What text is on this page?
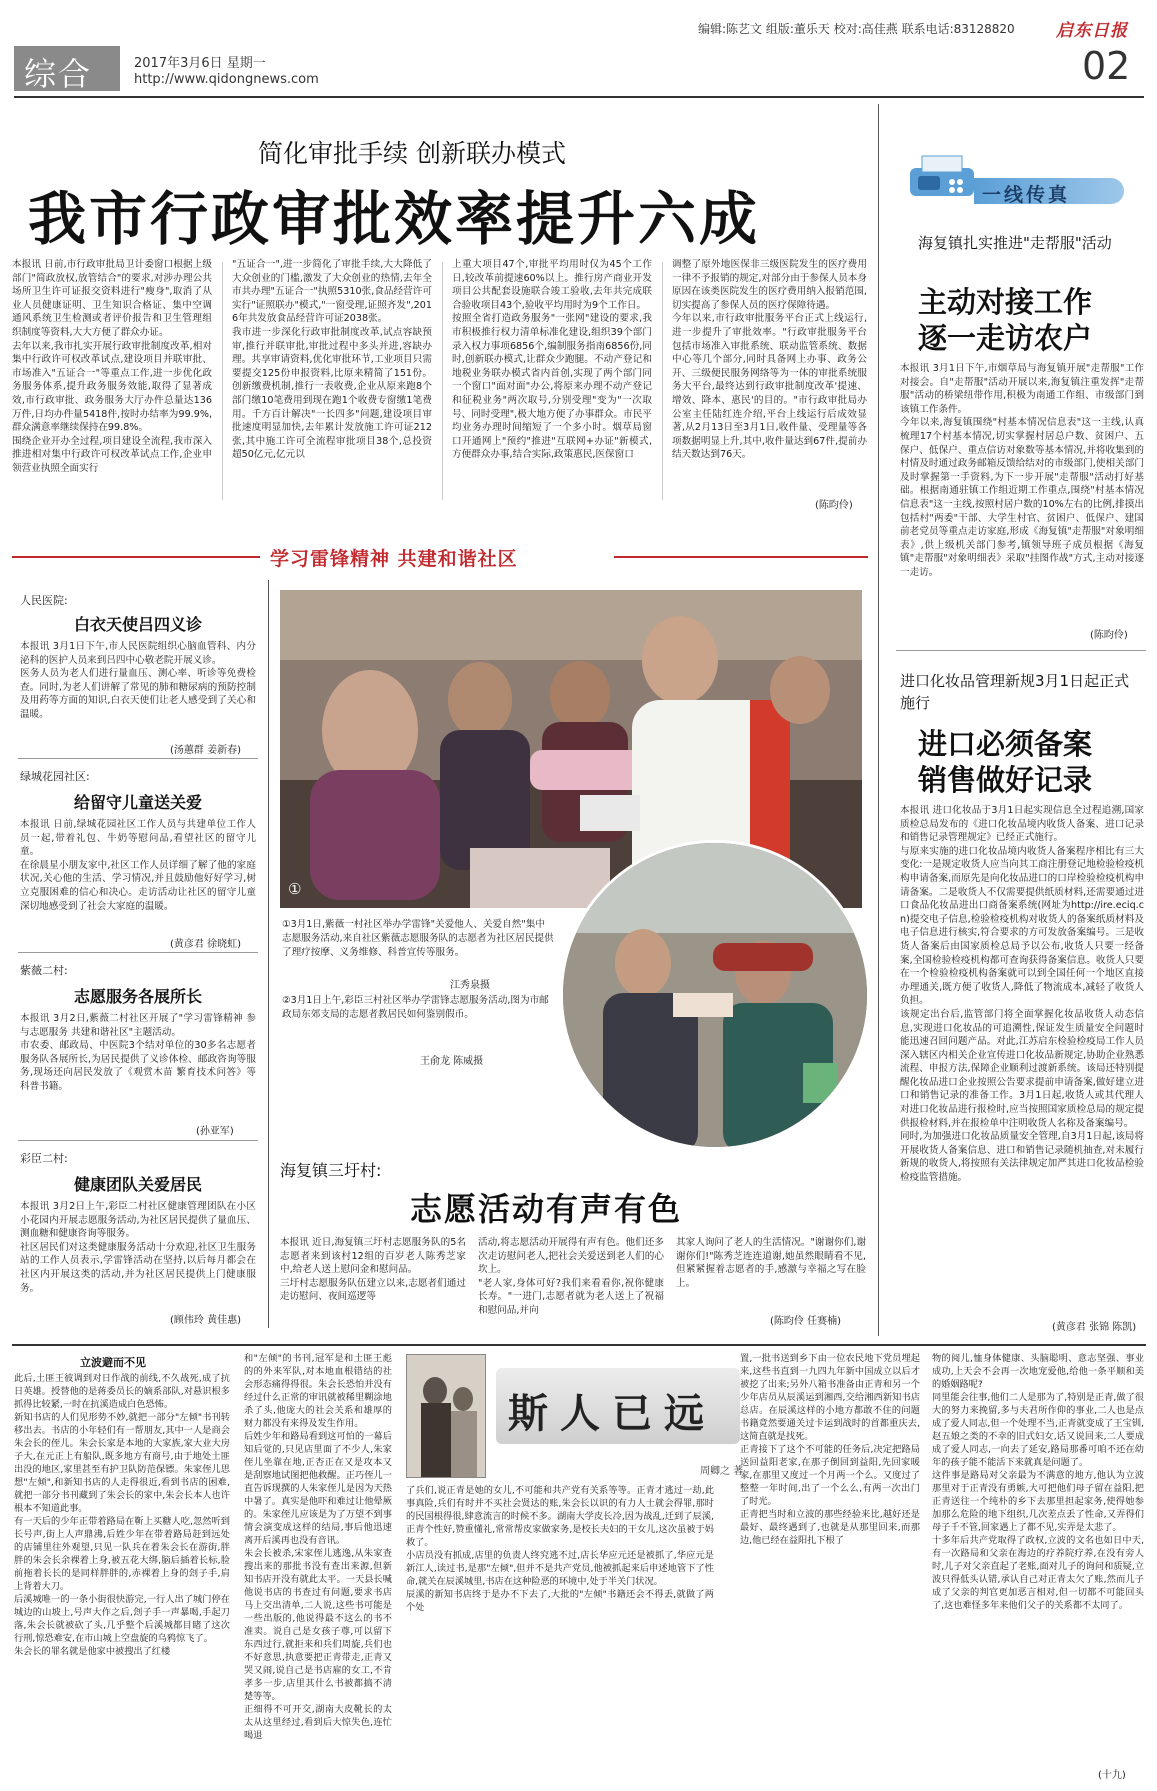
编辑:陈艺文 组版:董乐天 校对:高佳燕 联系电话:83128820 启东日报
综合	2017年3月6日 星期一
http://www.qidongnews.com	02
简化审批手续 创新联办模式
我市行政审批效率提升六成
本报讯 日前,市行政审批局卫计委窗口根据上级部门"简政放权,放管结合"的要求,对涉办理公共场所卫生许可证报交资料进行"瘦身",取消了从业人员健康证明、卫生知识合格证、集中空调通风系统卫生检测或者评价报告和卫生管理组织制度等资料,大大方便了群众办证。
去年以来,我市扎实开展行政审批制度改革,相对集中行政许可权改革试点,建设项目并联审批、市场准入"五证合一"等重点工作,进一步优化政务服务体系,提升政务服务效能,取得了显著成效,市行政审批、政务服务大厅办件总量达136万件,日均办件量5418件,按时办结率为99.9%,群众满意率继续保持在99.8%。
围绕企业开办全过程,项目建设全流程,我市深入推进相对集中行政许可权改革试点工作,企业申领营业执照全面实行
"五证合一",进一步简化了审批手续,大大降低了大众创业的门槛,激发了大众创业的热情,去年全市共办理"五证合一"执照5310张,食品经营许可实行"证照联办"模式,"一窗受理,证照齐发",2016年共发放食品经营许可证2038张。
我市进一步深化行政审批制度改革,试点容缺预审,推行并联审批,审批过程中多头并进,容缺办理。共享审请资料,优化审批环节,工业项目只需要提交125份申报资料,比原来精简了151份。创新缴费机制,推行一表收费,企业从原来跑8个部门缴10笔费用到现在跑1个收费专窗缴1笔费用。千方百计解决"一长四多"问题,建设项目审批速度明显加快,去年累计发放施工许可证212张,其中施工许可全流程审批项目38个,总投资超50亿元,亿元以
上重大项目47个,审批平均用时仅为45个工作日,较改革前提速60%以上。推行房产商业开发项目公共配套设施联合竣工验收,去年共完成联合验收项目43个,验收平均用时为9个工作日。
按照全省打造政务服务"一张网"建设的要求,我市积极推行权力清单标准化建设,组织39个部门录入权力事项6856个,编制服务指南6856份,同时,创新联办模式,让群众少跑腿。不动产登记和地税业务联办模式省内首创,实现了两个部门同一个窗口"面对面"办公,将原来办理不动产登记和征税业务"两次取号,分别受理"变为"一次取号、同时受理",极大地方便了办事群众。市民平均业务办理时间缩短了一个多小时。烟草局窗口开通网上"预约"推进"互联网+办证"新模式,方便群众办事,结合实际,政策惠民,医保窗口
调整了原外地医保非三级医院发生的医疗费用一律不予报销的规定,对部分由于参保人员本身原因在该类医院发生的医疗费用纳入报销范围,切实提高了参保人员的医疗保障待遇。
今年以来,市行政审批服务平台正式上线运行,进一步提升了审批效率。"行政审批服务平台包括市场准入审批系统、联动监管系统、数据中心等几个部分,同时具备网上办事、政务公开、三级便民服务网络等为一体的审批系统服务大平台,最终达到行政审批制度改革'提速、增效、降本、惠民'的目的。"市行政审批局办公室主任陆红连介绍,平台上线运行后成效显著,从2月13日至3月1日,收件量、受理量等各项数据明显上升,其中,收件量达到67件,提前办结天数达到76天。
(陈昀伶)
学习雷锋精神 共建和谐社区
人民医院:
白衣天使吕四义诊
本报讯 3月1日下午,市人民医院组织心脑血管科、内分泌科的医护人员来到吕四中心敬老院开展义诊。
医务人员为老人们进行量血压、测心率、听诊等免费检查。同时,为老人们讲解了常见的肺和糖尿病的预防控制及用药等方面的知识,白衣天使们让老人感受到了关心和温暖。
(汤蕙群 姜新春)
绿城花园社区:
给留守儿童送关爱
本报讯 日前,绿城花园社区工作人员与共建单位工作人员一起,带着礼包、牛奶等慰问品,看望社区的留守儿童。
在徐晨星小朋友家中,社区工作人员详细了解了他的家庭状况,关心他的生活、学习情况,并且鼓励他好好学习,树立克服困难的信心和决心。走访活动让社区的留守儿童深切地感受到了社会大家庭的温暖。
(黄彦君 徐晓虹)
紫薇二村:
志愿服务各展所长
本报讯 3月2日,紫薇二村社区开展了"学习雷锋精神 参与志愿服务 共建和谐社区"主题活动。
市农委、邮政局、中医院3个结对单位的30多名志愿者服务队各展所长,为居民提供了义诊体检、邮政咨询等服务,现场还向居民发放了《观赏木苗 繁育技术问答》等科普书籍。
(孙亚军)
彩臣二村:
健康团队关爱居民
本报讯 3月2日上午,彩臣二村社区健康管理团队在小区小花园内开展志愿服务活动,为社区居民提供了量血压、测血糖和健康咨询等服务。
社区居民们对这类健康服务活动十分欢迎,社区卫生服务站的工作人员表示,学雷锋活动在坚持,以后每月都会在社区内开展这类的活动,并为社区居民提供上门健康服务。
(顾伟玲 黄佳惠)
①
②
①3月1日,紫薇一村社区举办学雷锋"关爱他人、关爱自然"集中志愿服务活动,来自社区紫薇志愿服务队的志愿者为社区居民提供了理疗按摩、义务维修、科普宣传等服务。
江秀泉摄
②3月1日上午,彩臣三村社区举办学雷锋志愿服务活动,图为市邮政局东郊支局的志愿者教居民如何鉴别假币。
王俞龙 陈威摄
海复镇三圩村:
志愿活动有声有色
本报讯 近日,海复镇三圩村志愿服务队的5名志愿者来到该村12组的百岁老人陈秀芝家中,给老人送上慰问金和慰问品。
三圩村志愿服务队伍建立以来,志愿者们通过走访慰问、夜间巡逻等
活动,将志愿活动开展得有声有色。他们还多次走访慰问老人,把社会关爱送到老人们的心坎上。
"老人家,身体可好?我们来看看你,祝你健康长寿。"一进门,志愿者就为老人送上了祝福和慰问品,并向
其家人询问了老人的生活情况。"谢谢你们,谢谢你们!"陈秀芝连连道谢,她虽然眼睛看不见,但紧紧握着志愿者的手,感激与幸福之写在脸上。
(陈昀伶 任赛楠)
一线传真
海复镇扎实推进"走帮服"活动
主动对接工作
逐一走访农户
本报讯 3月1日下午,市烟草局与海复镇开展"走帮服"工作对接会。自"走帮服"活动开展以来,海复镇注重发挥"走帮服"活动的桥梁纽带作用,积极为南通工作组、市级部门到该镇工作条件。
今年以来,海复镇围绕"村基本情况信息表"这一主线,认真梳理17个村基本情况,切实掌握村居总户数、贫困户、五保户、低保户、重点信访对象数等基本情况,并将收集到的村情及时通过政务邮箱反馈给结对的市级部门,使相关部门及时掌握第一手资料,为下一步开展"走帮服"活动打好基础。根据南通驻镇工作组近期工作重点,围绕"村基本情况信息表"这一主线,按照村居户数的10%左右的比例,排摸出包括村"两委"干部、大学生村官、贫困户、低保户、建国前老党员等重点走访家庭,形成《海复镇"走帮服"对象明细表》,供上级机关部门参考,镇领导班子成员根据《海复镇"走帮服"对象明细表》采取"挂图作战"方式,主动对接逐一走访。
(陈昀伶)
进口化妆品管理新规3月1日起正式施行
进口必须备案
销售做好记录
本报讯 进口化妆品于3月1日起实现信息全过程追溯,国家质检总局发布的《进口化妆品境内收货人备案、进口记录和销售记录管理规定》已经正式施行。
与原来实施的进口化妆品境内收货人备案程序相比有三大变化:一是规定收货人应当向其工商注册登记地检验检疫机构申请备案,而原先是向化妆品进口的口岸检验检疫机构申请备案。二是收货人不仅需要提供纸质材料,还需要通过进口食品化妆品进出口商备案系统(网址为http://ire.eciq.cn)提交电子信息,检验检疫机构对收货人的备案纸质材料及电子信息进行核实,符合要求的方可发放备案编号。三是收货人备案后由国家质检总局予以公布,收货人只要一经备案,全国检验检疫机构都可查询获得备案信息。收货人只要在一个检验检疫机构备案就可以到全国任何一个地区直接办理通关,既方便了收货人,降低了物流成本,减轻了收货人负担。
该规定出台后,监管部门将全面掌握化妆品收货人动态信息,实现进口化妆品的可追溯性,保证发生质量安全问题时能迅速召回问题产品。对此,江苏启东检验检疫局工作人员深入辖区内相关企业宣传进口化妆品新规定,协助企业熟悉流程、申报方法,保障企业顺利过渡新系统。该局还特别提醒化妆品进口企业按照公告要求提前申请备案,做好建立进口和销售记录的准备工作。3月1日起,收货人或其代理人对进口化妆品进行报检时,应当按照国家质检总局的规定提供报检材料,并在报检单中注明收货人名称及备案编号。
同时,为加强进口化妆品质量安全管理,自3月1日起,该局将开展收货人备案信息、进口和销售记录随机抽查,对未履行新规的收货人,将按照有关法律规定加严其进口化妆品检验检疫监管措施。
(黄彦君 张锦 陈凯)
立波避而不见
此后,土匪王彼调到对日作战的前线,不久战死,成了抗日英雄。授替他的是蒋委员长的嫡系部队,对悬识根多抓得比较紧,一时在抗溪造成白色恐怖。
新知书店的人们见形势不妙,就把一部分"左倾"书刊转移出去。书店的小年轻们有一帮朋友,其中一人是商会朱会长的侄儿。朱会长家是本地的大家族,家大业大房子大,在元正上有船队,既多地方有商号,由于地处土匪出没的地区,家里甚至有护卫队防范保镖。朱家侄儿思想"左倾",和新知书店的人走得很近,看到书店的困难,就把一部分书刊藏到了朱会长的家中,朱会长本人也许根本不知道此事。
有一天后的少年正带着路局在靳上买糖人吃,忽然听到长号声,街上人声鼎沸,后姓少年在带着路局赶到远处的店铺里往外观望,只见一队兵在着朱会长在游街,胖胖的朱会长余裸着上身,被五花大绑,脑后插着长标,脸前拖着长长的是同样胖胖的,赤裸着上身的刽子手,肩上背着大刀。
后溪城唯一的一条小街很快游完,一行人出了城门停在城边的山坡上,号声大作之后,刽子手一声暴喝,手起刀落,朱会长就被砍了头,几乎整个后溪城都目睹了这次行刑,惊恐难安,在市山城上空盘旋的乌鸦惊飞了。
朱会长的罪名就是他家中被搜出了红楼
和"左倾"的书刊,冠军是和土匪王彪的的外来军队,对本地血根错结的社会形态痛得得很。朱会长恐怕并没有经过什么正常的审讯就被稀里糊涂地杀了头,他庞大的社会关系和雄厚的财力都没有来得及发生作用。
后姓少年和路局看到这可怕的一幕后知后觉的,只见店里面了不少人,朱家侄儿坐靠在地,正杏正在又是攻本又是刮察地试图把他救醒。正巧侄儿一直告诉现撰的人朱家侄儿是因为天热中暑了。真实是他吓和难过让他晕厥的。朱家侄儿应该是为了万望不到事情会演变成这样的结局,事后他迅速离开后溪再也没有音讯。
朱会长被杀,宋家侄儿逃逸,从朱家查搜出来的那批书没有查出来源,但新知书店开没有就此太平。一天县长喊他说书店的书查过有问题,要求书店马上交出清单,二人说,这些书可能是一些出版的,他说得最不这么的书不准卖。说自己是女孩子尊,可以留下东西过行,就拒来和兵们周旋,兵们也不好意思,执意要把正青带走,正青又哭又闹,说自己是书店雇的女工,不肯孝多一步,店里其什么书被都搞不清楚等等。
正细得不可开交,湖南大皮靴长的太太从这里经过,看到后大惊失色,连忙喝退
斯人已远
周卿之 著
了兵们,说正青是她的女儿,不可能和共产党有关系等等。正青才逃过一劫,此事真险,兵们有时并不买社会贤达的账,朱会长以识的有力人士就会得罪,那时的民国根得很,肆意流言的时候不多。湖南大学皮长冷,因为战乱,迁到了辰溪,正青个性好,赞重懂礼,常常帮皮家做家务,是校长夫妇的干女儿,这次虽被于妈救了。
小店员没有抓成,店里的负责人终究逃不过,店长华应元还是被抓了,华应元是新江人,读过书,是那"左倾",但并不是共产党员,他被抓起来后申述地管下了性命,就关在辰溪城里,书店在这种险恶的环境中,处于半关门状况。
辰溪的新知书店终于是办不下去了,大批的"左倾"书籍还会不得丢,就做了两个处
置,一批书送到乡下由一位农民地下党员埋起来,这些书直到一九四九年新中国成立以后才被挖了出来;另外八箱书准备由正青和另一个少年店员从辰溪运到湘西,交给湘西新知书店总店。在辰溪这样的小地方都敢不住的问题书籍竟然要通关过卡运到战时的首都重庆去,这简直就是找死。
正青接下了这个不可能的任务后,决定把路局送回益阳老家,在那子倒回到益阳,先回家暖家,在那里又度过一个月两一个么。又度过了整整一年时间,出了一个么么,有两一次出门了时光。
正青把当时和立波的那些经验来比,越好还是最好、最终遇到了,也就是从那里回来,而那边,他已经在益阳扎下根了
物的阅儿,恤身体健康、头脑聪明、意志坚强、事业成功,上天会不会再一次地宠爱他,给他一条平顺和美的婚姻路呢?
同里能会往事,他们二人是那为了,特别是正青,做了很大的努力来挽留,多与夫君所作仰的事业,二人也是点成了爱人同志,但一个处理不当,正青就变成了王宝钏,赵五娘之类的不幸的旧式妇女,话又说回来,二人要成成了爱人同志,一向去了延安,路局那番可咱不还在幼年的孩子能不能活下来就真是问题了。
这件事是路局对父亲最为不满意的地方,他认为立波那里对于正青没有勇嫉,大可把他们母子留在益阳,把正青送往一个纯朴的乡下去那里担起家务,使得她参加那么危险的地下组织,几次差点丢了性命,又弄得们母子千不管,回家遇上了都不见,实弄是太悲了。
十多年后共产党取得了政权,立波的文名也如日中天,有一次路局和父亲在海边的疗养院疗养,在没有旁人时,儿子对父亲直起了老账,面对儿子的询问和质疑,立波只得低头认错,承认自己对正青太欠了账,然而儿子成了父亲的判官更加恶言相对,但一切都不可能回头了,这也难怪多年来他们父子的关系都不太同了。
(十九)
